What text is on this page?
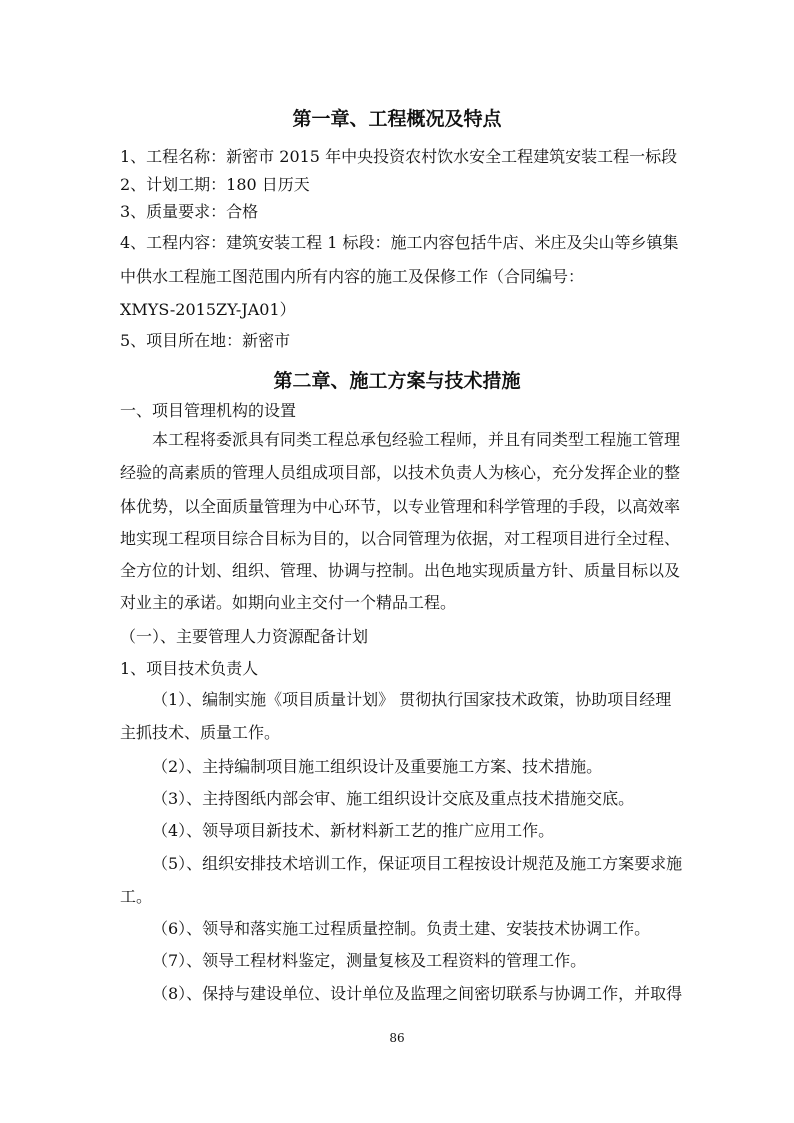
第一章、工程概况及特点
1、工程名称：新密市 2015 年中央投资农村饮水安全工程建筑安装工程一标段
2、计划工期：180 日历天
3、质量要求：合格
4、工程内容：建筑安装工程 1 标段：施工内容包括牛店、米庄及尖山等乡镇集
中供水工程施工图范围内所有内容的施工及保修工作（合同编号：
XMYS-2015ZY-JA01）
5、项目所在地：新密市
第二章、施工方案与技术措施
一、项目管理机构的设置
本工程将委派具有同类工程总承包经验工程师，并且有同类型工程施工管理
经验的高素质的管理人员组成项目部，以技术负责人为核心，充分发挥企业的整
体优势，以全面质量管理为中心环节，以专业管理和科学管理的手段，以高效率
地实现工程项目综合目标为目的，以合同管理为依据，对工程项目进行全过程、
全方位的计划、组织、管理、协调与控制。出色地实现质量方针、质量目标以及
对业主的承诺。如期向业主交付一个精品工程。
（一）、主要管理人力资源配备计划
1、项目技术负责人
（1）、编制实施《项目质量计划》 贯彻执行国家技术政策，协助项目经理
主抓技术、质量工作。
（2）、主持编制项目施工组织设计及重要施工方案、技术措施。
（3）、主持图纸内部会审、施工组织设计交底及重点技术措施交底。
（4）、领导项目新技术、新材料新工艺的推广应用工作。
（5）、组织安排技术培训工作，保证项目工程按设计规范及施工方案要求施
工。
（6）、领导和落实施工过程质量控制。负责土建、安装技术协调工作。
（7）、领导工程材料鉴定，测量复核及工程资料的管理工作。
（8）、保持与建设单位、设计单位及监理之间密切联系与协调工作，并取得
86
